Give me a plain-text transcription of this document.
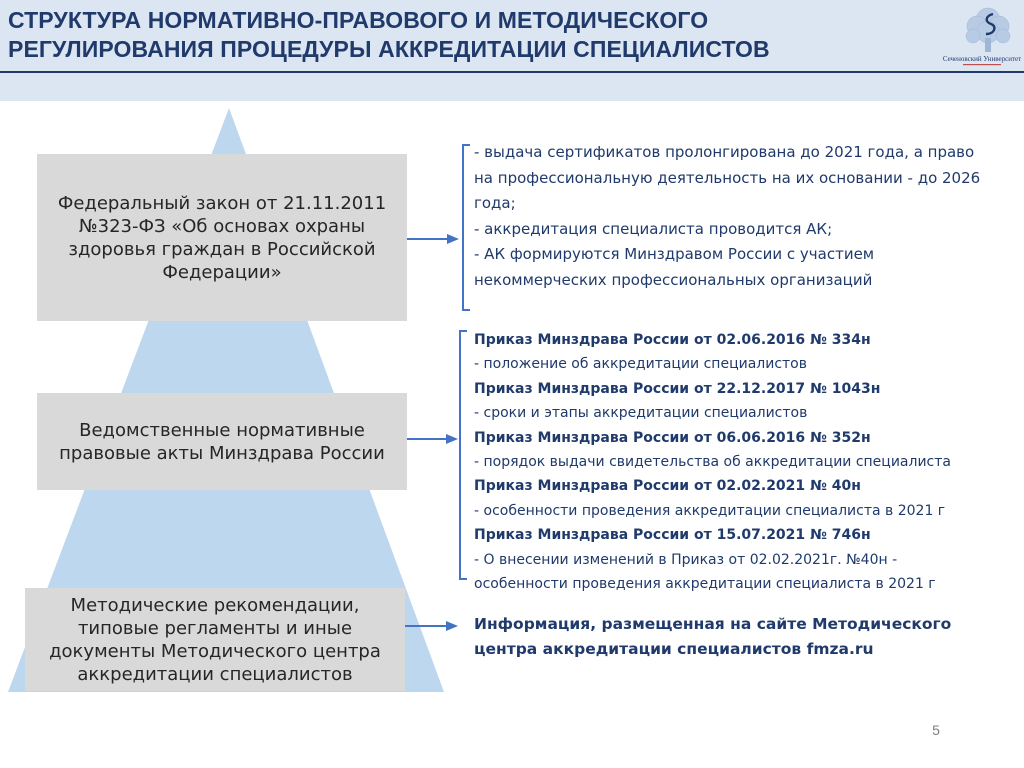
СТРУКТУРА НОРМАТИВНО-ПРАВОВОГО И МЕТОДИЧЕСКОГО
РЕГУЛИРОВАНИЯ ПРОЦЕДУРЫ АККРЕДИТАЦИИ СПЕЦИАЛИСТОВ	Сеченовский Университет
Федеральный закон от 21.11.2011
№323-ФЗ «Об основах охраны
здоровья граждан в Российской
Федерации»
Ведомственные нормативные
правовые акты Минздрава России
Методические рекомендации,
типовые регламенты и иные
документы Методического центра
аккредитации специалистов
- выдача сертификатов пролонгирована до 2021 года, а право
на профессиональную деятельность на их основании - до 2026
года;
- аккредитация специалиста проводится АК;
- АК формируются Минздравом России с участием
некоммерческих профессиональных организаций
Приказ Минздрава России от 02.06.2016 № 334н
- положение об аккредитации специалистов
Приказ Минздрава России от 22.12.2017 № 1043н
- сроки и этапы аккредитации специалистов
Приказ Минздрава России от 06.06.2016 № 352н
- порядок выдачи свидетельства об аккредитации специалиста
Приказ Минздрава России от 02.02.2021 № 40н
- особенности проведения аккредитации специалиста в 2021 г
Приказ Минздрава России от 15.07.2021 № 746н
- О внесении изменений в Приказ от 02.02.2021г. №40н -
особенности проведения аккредитации специалиста в 2021 г
Информация, размещенная на сайте Методического
центра аккредитации специалистов fmza.ru
5
